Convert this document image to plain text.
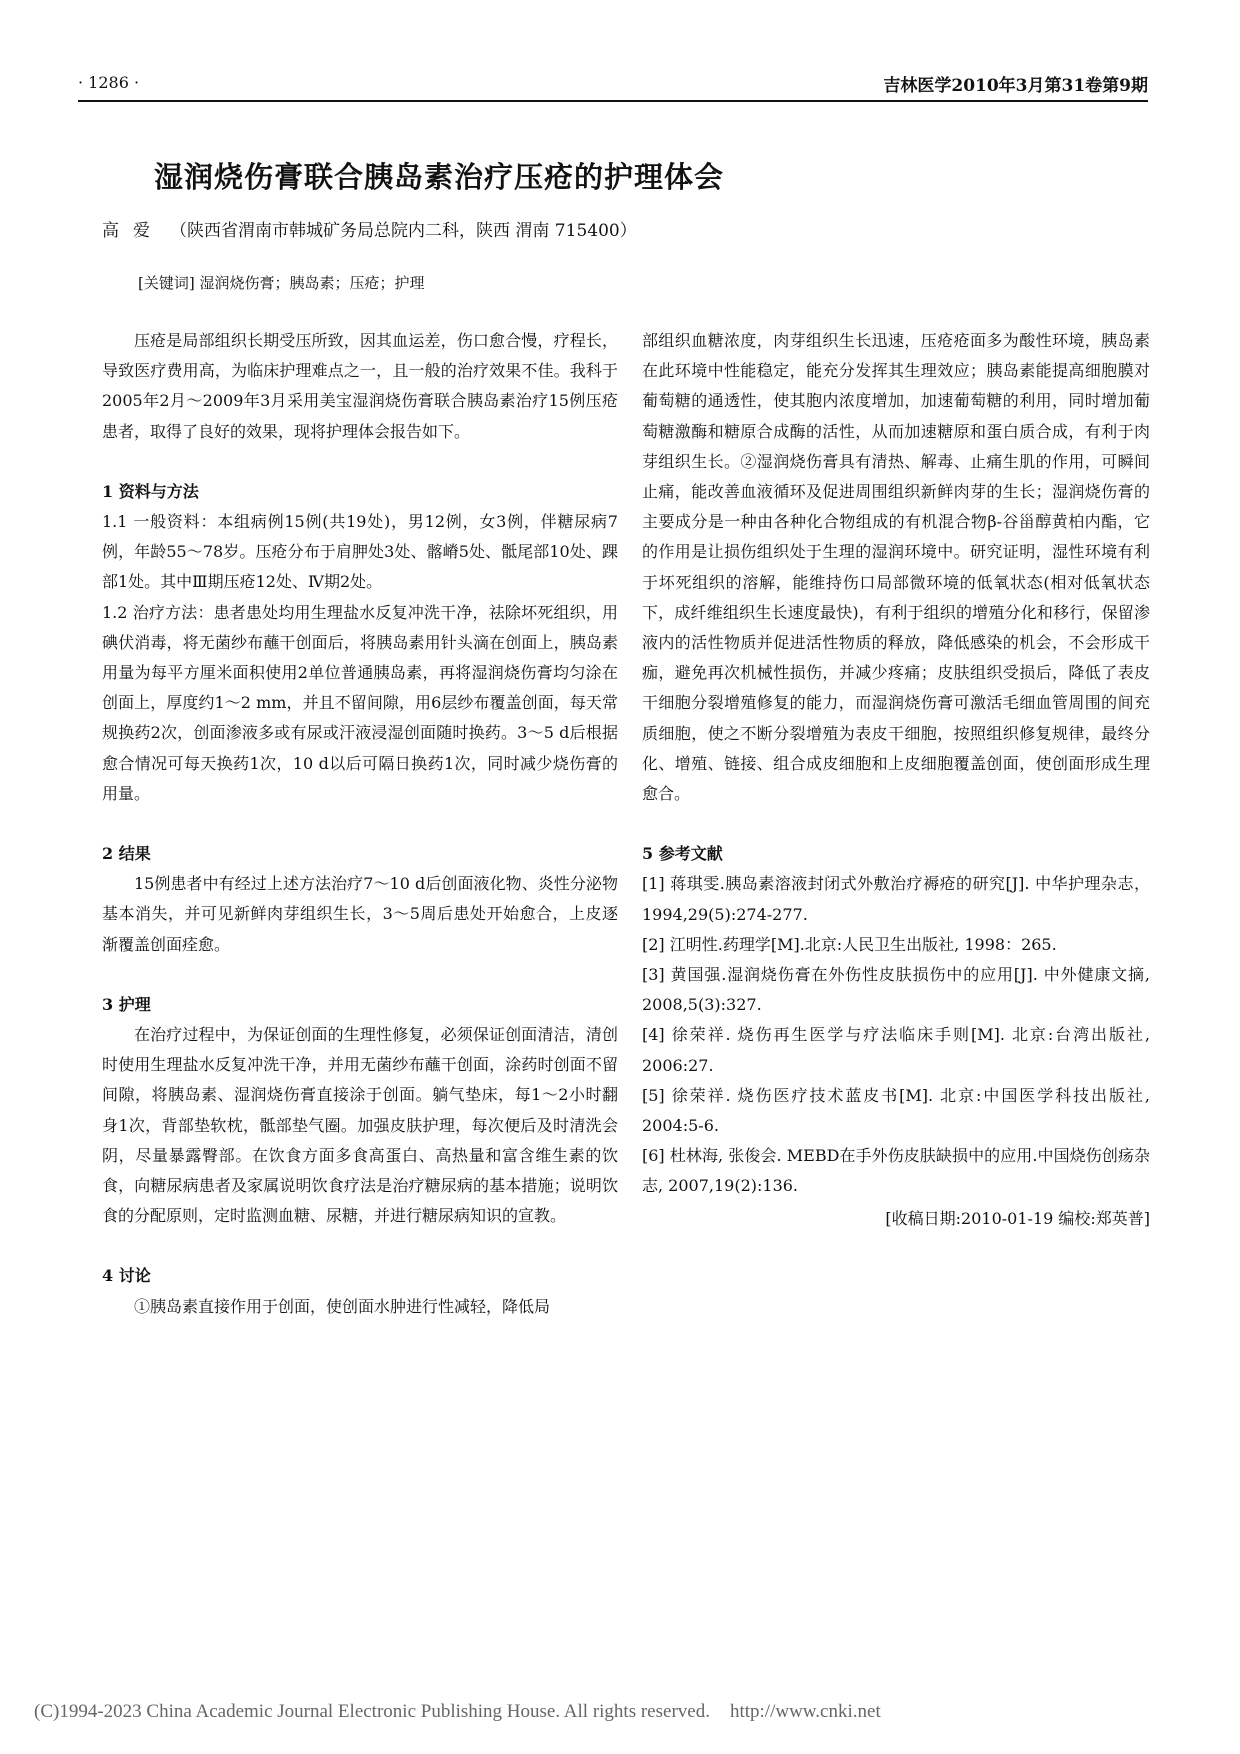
· 1286 ·	吉林医学2010年3月第31卷第9期
湿润烧伤膏联合胰岛素治疗压疮的护理体会
高爱 （陕西省渭南市韩城矿务局总院内二科，陕西 渭南 715400）
[关键词] 湿润烧伤膏；胰岛素；压疮；护理

压疮是局部组织长期受压所致，因其血运差，伤口愈合慢，疗程长，导致医疗费用高，为临床护理难点之一，且一般的治疗效果不佳。我科于2005年2月～2009年3月采用美宝湿润烧伤膏联合胰岛素治疗15例压疮患者，取得了良好的效果，现将护理体会报告如下。

1 资料与方法

1.1 一般资料：本组病例15例(共19处)，男12例，女3例，伴糖尿病7例，年龄55～78岁。压疮分布于肩胛处3处、髂嵴5处、骶尾部10处、踝部1处。其中Ⅲ期压疮12处、Ⅳ期2处。

1.2 治疗方法：患者患处均用生理盐水反复冲洗干净，祛除坏死组织，用碘伏消毒，将无菌纱布蘸干创面后，将胰岛素用针头滴在创面上，胰岛素用量为每平方厘米面积使用2单位普通胰岛素，再将湿润烧伤膏均匀涂在创面上，厚度约1～2 mm，并且不留间隙，用6层纱布覆盖创面，每天常规换药2次，创面渗液多或有尿或汗液浸湿创面随时换药。3～5 d后根据愈合情况可每天换药1次，10 d以后可隔日换药1次，同时减少烧伤膏的用量。

2 结果

15例患者中有经过上述方法治疗7～10 d后创面液化物、炎性分泌物基本消失，并可见新鲜肉芽组织生长，3～5周后患处开始愈合，上皮逐渐覆盖创面痊愈。

3 护理

在治疗过程中，为保证创面的生理性修复，必须保证创面清洁，清创时使用生理盐水反复冲洗干净，并用无菌纱布蘸干创面，涂药时创面不留间隙，将胰岛素、湿润烧伤膏直接涂于创面。躺气垫床，每1～2小时翻身1次，背部垫软枕，骶部垫气圈。加强皮肤护理，每次便后及时清洗会阴，尽量暴露臀部。在饮食方面多食高蛋白、高热量和富含维生素的饮食，向糖尿病患者及家属说明饮食疗法是治疗糖尿病的基本措施；说明饮食的分配原则，定时监测血糖、尿糖，并进行糖尿病知识的宣教。

4 讨论

①胰岛素直接作用于创面，使创面水肿进行性减轻，降低局

部组织血糖浓度，肉芽组织生长迅速，压疮疮面多为酸性环境，胰岛素在此环境中性能稳定，能充分发挥其生理效应；胰岛素能提高细胞膜对葡萄糖的通透性，使其胞内浓度增加，加速葡萄糖的利用，同时增加葡萄糖激酶和糖原合成酶的活性，从而加速糖原和蛋白质合成，有利于肉芽组织生长。②湿润烧伤膏具有清热、解毒、止痛生肌的作用，可瞬间止痛，能改善血液循环及促进周围组织新鲜肉芽的生长；湿润烧伤膏的主要成分是一种由各种化合物组成的有机混合物β-谷甾醇黄柏内酯，它的作用是让损伤组织处于生理的湿润环境中。研究证明，湿性环境有利于坏死组织的溶解，能维持伤口局部微环境的低氧状态(相对低氧状态下，成纤维组织生长速度最快)，有利于组织的增殖分化和移行，保留渗液内的活性物质并促进活性物质的释放，降低感染的机会，不会形成干痂，避免再次机械性损伤，并减少疼痛；皮肤组织受损后，降低了表皮干细胞分裂增殖修复的能力，而湿润烧伤膏可激活毛细血管周围的间充质细胞，使之不断分裂增殖为表皮干细胞，按照组织修复规律，最终分化、增殖、链接、组合成皮细胞和上皮细胞覆盖创面，使创面形成生理愈合。

5 参考文献

[1] 蒋琪雯.胰岛素溶液封闭式外敷治疗褥疮的研究[J]. 中华护理杂志，1994,29(5):274-277.

[2] 江明性.药理学[M].北京:人民卫生出版社, 1998：265.

[3] 黄国强.湿润烧伤膏在外伤性皮肤损伤中的应用[J]. 中外健康文摘, 2008,5(3):327.

[4] 徐荣祥. 烧伤再生医学与疗法临床手则[M]. 北京:台湾出版社, 2006:27.

[5] 徐荣祥. 烧伤医疗技术蓝皮书[M]. 北京:中国医学科技出版社, 2004:5-6.

[6] 杜林海, 张俊会. MEBD在手外伤皮肤缺损中的应用.中国烧伤创疡杂志, 2007,19(2):136.

[收稿日期:2010-01-19 编校:郑英普]

(C)1994-2023 China Academic Journal Electronic Publishing House. All rights reserved. http://www.cnki.net
